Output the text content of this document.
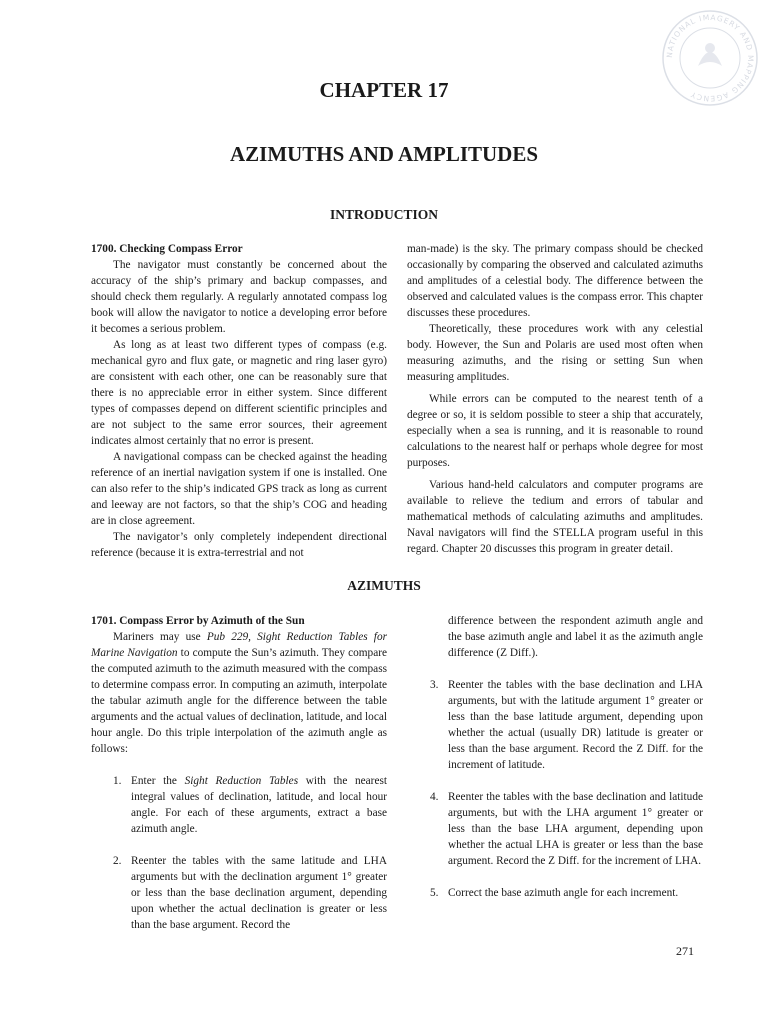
NATIONAL IMAGERY AND MAPPING AGENCY
CHAPTER 17
AZIMUTHS AND AMPLITUDES
INTRODUCTION

1700. Checking Compass Error

The navigator must constantly be concerned about the accuracy of the ship’s primary and backup compasses, and should check them regularly. A regularly annotated compass log book will allow the navigator to notice a developing error before it becomes a serious problem.

As long as at least two different types of compass (e.g. mechanical gyro and flux gate, or magnetic and ring laser gyro) are consistent with each other, one can be reasonably sure that there is no appreciable error in either system. Since different types of compasses depend on different scientific principles and are not subject to the same error sources, their agreement indicates almost certainly that no error is present.

A navigational compass can be checked against the heading reference of an inertial navigation system if one is installed. One can also refer to the ship’s indicated GPS track as long as current and leeway are not factors, so that the ship’s COG and heading are in close agreement.

The navigator’s only completely independent directional reference (because it is extra-terrestrial and not

man-made) is the sky. The primary compass should be checked occasionally by comparing the observed and calculated azimuths and amplitudes of a celestial body. The difference between the observed and calculated values is the compass error. This chapter discusses these procedures.

Theoretically, these procedures work with any celestial body. However, the Sun and Polaris are used most often when measuring azimuths, and the rising or setting Sun when measuring amplitudes.

While errors can be computed to the nearest tenth of a degree or so, it is seldom possible to steer a ship that accurately, especially when a sea is running, and it is reasonable to round calculations to the nearest half or perhaps whole degree for most purposes.

Various hand-held calculators and computer programs are available to relieve the tedium and errors of tabular and mathematical methods of calculating azimuths and amplitudes. Naval navigators will find the STELLA program useful in this regard. Chapter 20 discusses this program in greater detail.

AZIMUTHS

1701. Compass Error by Azimuth of the Sun

Mariners may use Pub 229, Sight Reduction Tables for Marine Navigation to compute the Sun’s azimuth. They compare the computed azimuth to the azimuth measured with the compass to determine compass error. In computing an azimuth, interpolate the tabular azimuth angle for the difference between the table arguments and the actual values of declination, latitude, and local hour angle. Do this triple interpolation of the azimuth angle as follows:

1. Enter the Sight Reduction Tables with the nearest integral values of declination, latitude, and local hour angle. For each of these arguments, extract a base azimuth angle.
2. Reenter the tables with the same latitude and LHA arguments but with the declination argument 1° greater or less than the base declination argument, depending upon whether the actual declination is greater or less than the base argument. Record the

difference between the respondent azimuth angle and the base azimuth angle and label it as the azimuth angle difference (Z Diff.).

3. Reenter the tables with the base declination and LHA arguments, but with the latitude argument 1° greater or less than the base latitude argument, depending upon whether the actual (usually DR) latitude is greater or less than the base argument. Record the Z Diff. for the increment of latitude.
4. Reenter the tables with the base declination and latitude arguments, but with the LHA argument 1° greater or less than the base LHA argument, depending upon whether the actual LHA is greater or less than the base argument. Record the Z Diff. for the increment of LHA.
5. Correct the base azimuth angle for each increment.
271
